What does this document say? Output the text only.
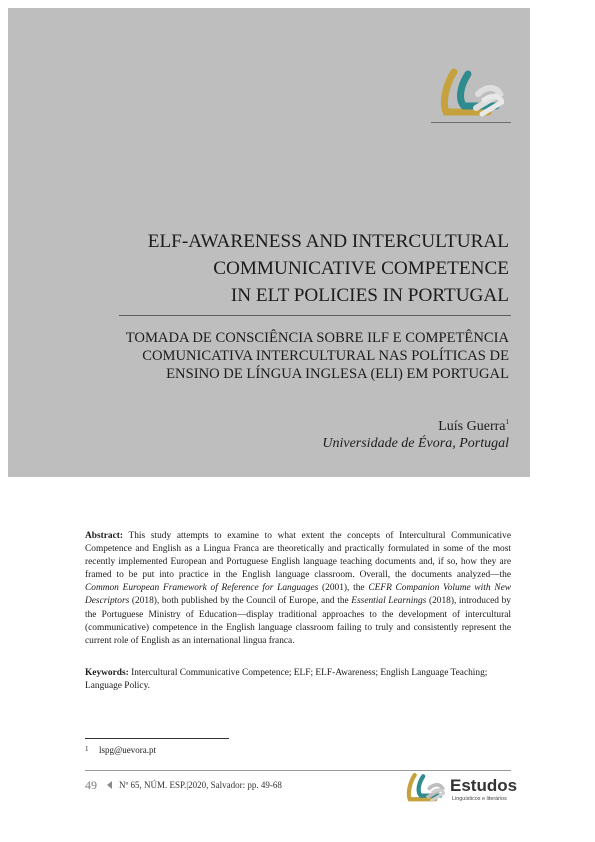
ELF-AWARENESS AND INTERCULTURAL
COMMUNICATIVE COMPETENCE
IN ELT POLICIES IN PORTUGAL
TOMADA DE CONSCIÊNCIA SOBRE ILF E COMPETÊNCIA
COMUNICATIVA INTERCULTURAL NAS POLÍTICAS DE
ENSINO DE LÍNGUA INGLESA (ELI) EM PORTUGAL
Luís Guerra$^1$
Universidade de Évora, Portugal
Abstract: This study attempts to examine to what extent the concepts of Intercultural Communicative Competence and English as a Lingua Franca are theoretically and practically formulated in some of the most recently implemented European and Portuguese English language teaching documents and, if so, how they are framed to be put into practice in the English language classroom. Overall, the documents analyzed—the Common European Framework of Reference for Languages (2001), the CEFR Companion Volume with New Descriptors (2018), both published by the Council of Europe, and the Essential Learnings (2018), introduced by the Portuguese Ministry of Education—display traditional approaches to the development of intercultural (communicative) competence in the English language classroom failing to truly and consistently represent the current role of English as an international lingua franca.
Keywords: Intercultural Communicative Competence; ELF; ELF-Awareness; English Language Teaching; Language Policy.
1 lspg@uevora.pt
49 Nº 65, NÚM. ESP.|2020, Salvador: pp. 49-68	Estudos
Linguísticos e literários
